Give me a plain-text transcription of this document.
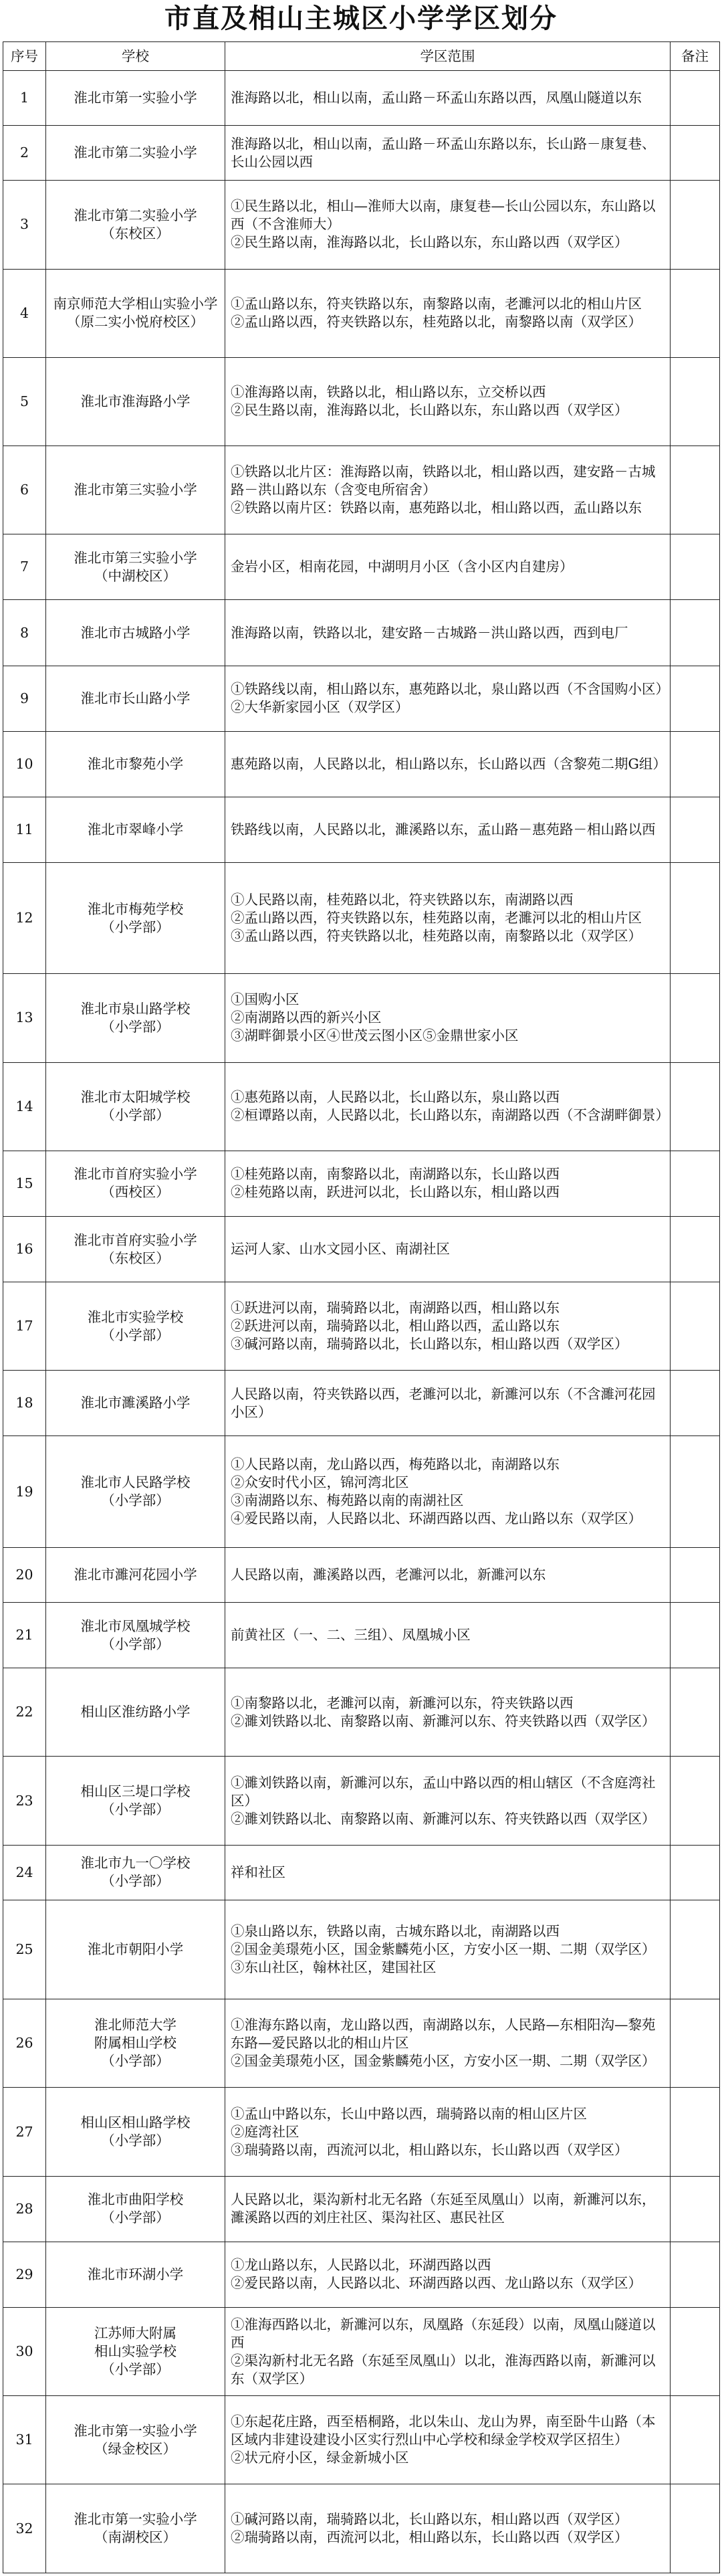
市直及相山主城区小学学区划分
序号	学校	学区范围	备注
1	淮北市第一实验小学	淮海路以北，相山以南，孟山路－环孟山东路以西，凤凰山隧道以东	

2	淮北市第二实验小学	淮海路以北，相山以南，孟山路－环孟山东路以东，长山路－康复巷、长山公园以西	

3	淮北市第二实验小学
（东校区）	①民生路以北，相山—淮师大以南，康复巷—长山公园以东，东山路以西（不含淮师大）
②民生路以南，淮海路以北，长山路以东，东山路以西（双学区）	

4	南京师范大学相山实验小学（原二实小悦府校区）	①孟山路以东，符夹铁路以东，南黎路以南，老濉河以北的相山片区
②孟山路以西，符夹铁路以东，桂苑路以北，南黎路以南（双学区）	

5	淮北市淮海路小学	①淮海路以南，铁路以北，相山路以东，立交桥以西
②民生路以南，淮海路以北，长山路以东，东山路以西（双学区）	

6	淮北市第三实验小学	①铁路以北片区：淮海路以南，铁路以北，相山路以西，建安路－古城路－洪山路以东（含变电所宿舍）
②铁路以南片区：铁路以南，惠苑路以北，相山路以西，孟山路以东	

7	淮北市第三实验小学
（中湖校区）	金岩小区，相南花园，中湖明月小区（含小区内自建房）	

8	淮北市古城路小学	淮海路以南，铁路以北，建安路－古城路－洪山路以西，西到电厂	

9	淮北市长山路小学	①铁路线以南，相山路以东，惠苑路以北，泉山路以西（不含国购小区）②大华新家园小区（双学区）	

10	淮北市黎苑小学	惠苑路以南，人民路以北，相山路以东，长山路以西（含黎苑二期G组）	

11	淮北市翠峰小学	铁路线以南，人民路以北，濉溪路以东，孟山路－惠苑路－相山路以西	

12	淮北市梅苑学校
（小学部）	①人民路以南，桂苑路以北，符夹铁路以东，南湖路以西
②孟山路以西，符夹铁路以东，桂苑路以南，老濉河以北的相山片区
③孟山路以西，符夹铁路以北，桂苑路以南，南黎路以北（双学区）	

13	淮北市泉山路学校
（小学部）	①国购小区
②南湖路以西的新兴小区
③湖畔御景小区④世茂云图小区⑤金鼎世家小区	

14	淮北市太阳城学校
（小学部）	①惠苑路以南，人民路以北，长山路以东，泉山路以西
②桓谭路以南，人民路以北，长山路以东，南湖路以西（不含湖畔御景）	

15	淮北市首府实验小学
（西校区）	①桂苑路以南，南黎路以北，南湖路以东，长山路以西
②桂苑路以南，跃进河以北，长山路以东，相山路以西	

16	淮北市首府实验小学
（东校区）	运河人家、山水文园小区、南湖社区	

17	淮北市实验学校
（小学部）	①跃进河以南，瑞骑路以北，南湖路以西，相山路以东
②跃进河以南，瑞骑路以北，相山路以西，孟山路以东
③碱河路以南，瑞骑路以北，长山路以东，相山路以西（双学区）	

18	淮北市濉溪路小学	人民路以南，符夹铁路以西，老濉河以北，新濉河以东（不含濉河花园小区）	

19	淮北市人民路学校
（小学部）	①人民路以南，龙山路以西，梅苑路以北，南湖路以东
②众安时代小区，锦河湾北区
③南湖路以东、梅苑路以南的南湖社区
④爱民路以南，人民路以北、环湖西路以西、龙山路以东（双学区）	

20	淮北市濉河花园小学	人民路以南，濉溪路以西，老濉河以北，新濉河以东	

21	淮北市凤凰城学校
（小学部）	前黄社区（一、二、三组）、凤凰城小区	

22	相山区淮纺路小学	①南黎路以北，老濉河以南，新濉河以东，符夹铁路以西
②濉刘铁路以北、南黎路以南、新濉河以东、符夹铁路以西（双学区）	

23	相山区三堤口学校
（小学部）	①濉刘铁路以南，新濉河以东，孟山中路以西的相山辖区（不含庭湾社区）
②濉刘铁路以北、南黎路以南、新濉河以东、符夹铁路以西（双学区）	

24	淮北市九一〇学校
（小学部）	祥和社区	

25	淮北市朝阳小学	①泉山路以东，铁路以南，古城东路以北，南湖路以西
②国金美璟苑小区，国金紫麟苑小区，方安小区一期、二期（双学区）
③东山社区，翰林社区，建国社区	

26	淮北师范大学
附属相山学校
（小学部）	①淮海东路以南，龙山路以西，南湖路以东，人民路—东相阳沟—黎苑东路—爱民路以北的相山片区
②国金美璟苑小区，国金紫麟苑小区，方安小区一期、二期（双学区）	

27	相山区相山路学校
（小学部）	①孟山中路以东，长山中路以西，瑞骑路以南的相山区片区
②庭湾社区
③瑞骑路以南，西流河以北，相山路以东，长山路以西（双学区）	

28	淮北市曲阳学校
（小学部）	人民路以北，渠沟新村北无名路（东延至凤凰山）以南，新濉河以东，濉溪路以西的刘庄社区、渠沟社区、惠民社区	

29	淮北市环湖小学	①龙山路以东，人民路以北，环湖西路以西
②爱民路以南，人民路以北、环湖西路以西、龙山路以东（双学区）	

30	江苏师大附属
相山实验学校
（小学部）	①淮海西路以北，新濉河以东，凤凰路（东延段）以南，凤凰山隧道以西
②渠沟新村北无名路（东延至凤凰山）以北，淮海西路以南，新濉河以东（双学区）	

31	淮北市第一实验小学
（绿金校区）	①东起花庄路，西至梧桐路，北以朱山、龙山为界，南至卧牛山路（本区域内非建设建设小区实行烈山中心学校和绿金学校双学区招生）
②状元府小区，绿金新城小区	

32	淮北市第一实验小学
（南湖校区）	①碱河路以南，瑞骑路以北，长山路以东，相山路以西（双学区）
②瑞骑路以南，西流河以北，相山路以东，长山路以西（双学区）	
